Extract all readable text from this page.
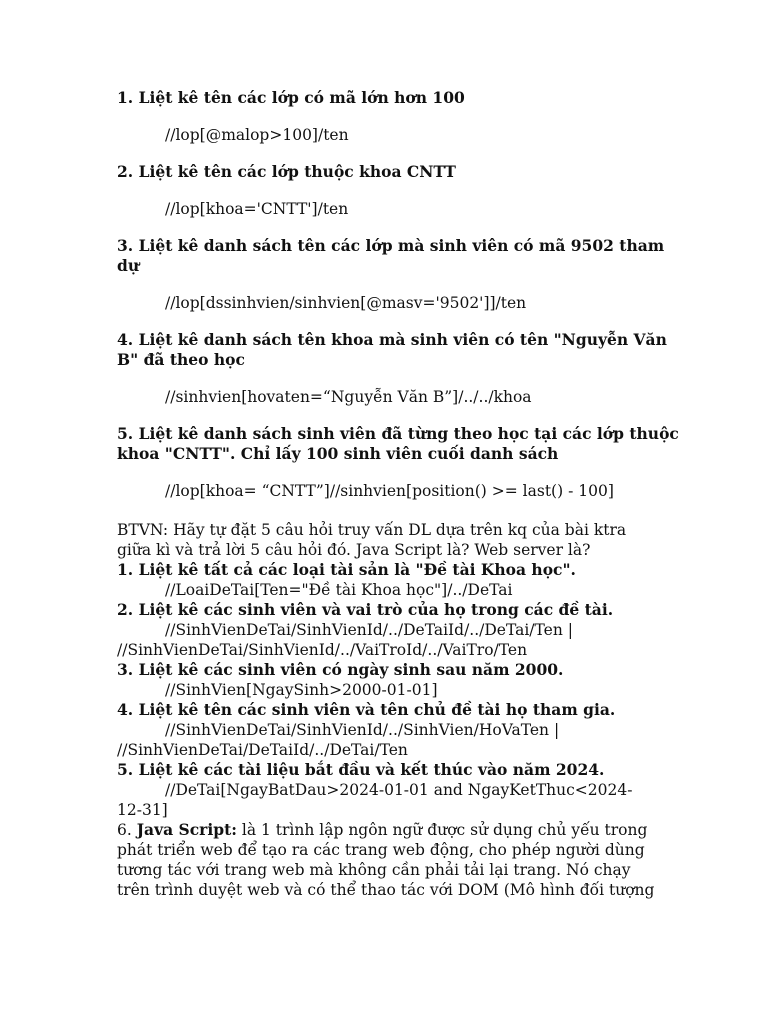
1. Liệt kê tên các lớp có mã lớn hơn 100
//lop[@malop>100]/ten
2. Liệt kê tên các lớp thuộc khoa CNTT
//lop[khoa='CNTT']/ten
3. Liệt kê danh sách tên các lớp mà sinh viên có mã 9502 tham
dự
//lop[dssinhvien/sinhvien[@masv='9502']]/ten
4. Liệt kê danh sách tên khoa mà sinh viên có tên "Nguyễn Văn
B" đã theo học
//sinhvien[hovaten=“Nguyễn Văn B”]/../../khoa
5. Liệt kê danh sách sinh viên đã từng theo học tại các lớp thuộc
khoa "CNTT". Chỉ lấy 100 sinh viên cuối danh sách
//lop[khoa= “CNTT”]//sinhvien[position() >= last() - 100]
BTVN: Hãy tự đặt 5 câu hỏi truy vấn DL dựa trên kq của bài ktra
giữa kì và trả lời 5 câu hỏi đó. Java Script là? Web server là?
1. Liệt kê tất cả các loại tài sản là "Đề tài Khoa học".
//LoaiDeTai[Ten="Đề tài Khoa học"]/../DeTai
2. Liệt kê các sinh viên và vai trò của họ trong các đề tài.
//SinhVienDeTai/SinhVienId/../DeTaiId/../DeTai/Ten |
//SinhVienDeTai/SinhVienId/../VaiTroId/../VaiTro/Ten
3. Liệt kê các sinh viên có ngày sinh sau năm 2000.
//SinhVien[NgaySinh>2000-01-01]
4. Liệt kê tên các sinh viên và tên chủ đề tài họ tham gia.
//SinhVienDeTai/SinhVienId/../SinhVien/HoVaTen |
//SinhVienDeTai/DeTaiId/../DeTai/Ten
5. Liệt kê các tài liệu bắt đầu và kết thúc vào năm 2024.
//DeTai[NgayBatDau>2024-01-01 and NgayKetThuc<2024-
12-31]
6. Java Script: là 1 trình lập ngôn ngữ được sử dụng chủ yếu trong
phát triển web để tạo ra các trang web động, cho phép người dùng
tương tác với trang web mà không cần phải tải lại trang. Nó chạy
trên trình duyệt web và có thể thao tác với DOM (Mô hình đối tượng
